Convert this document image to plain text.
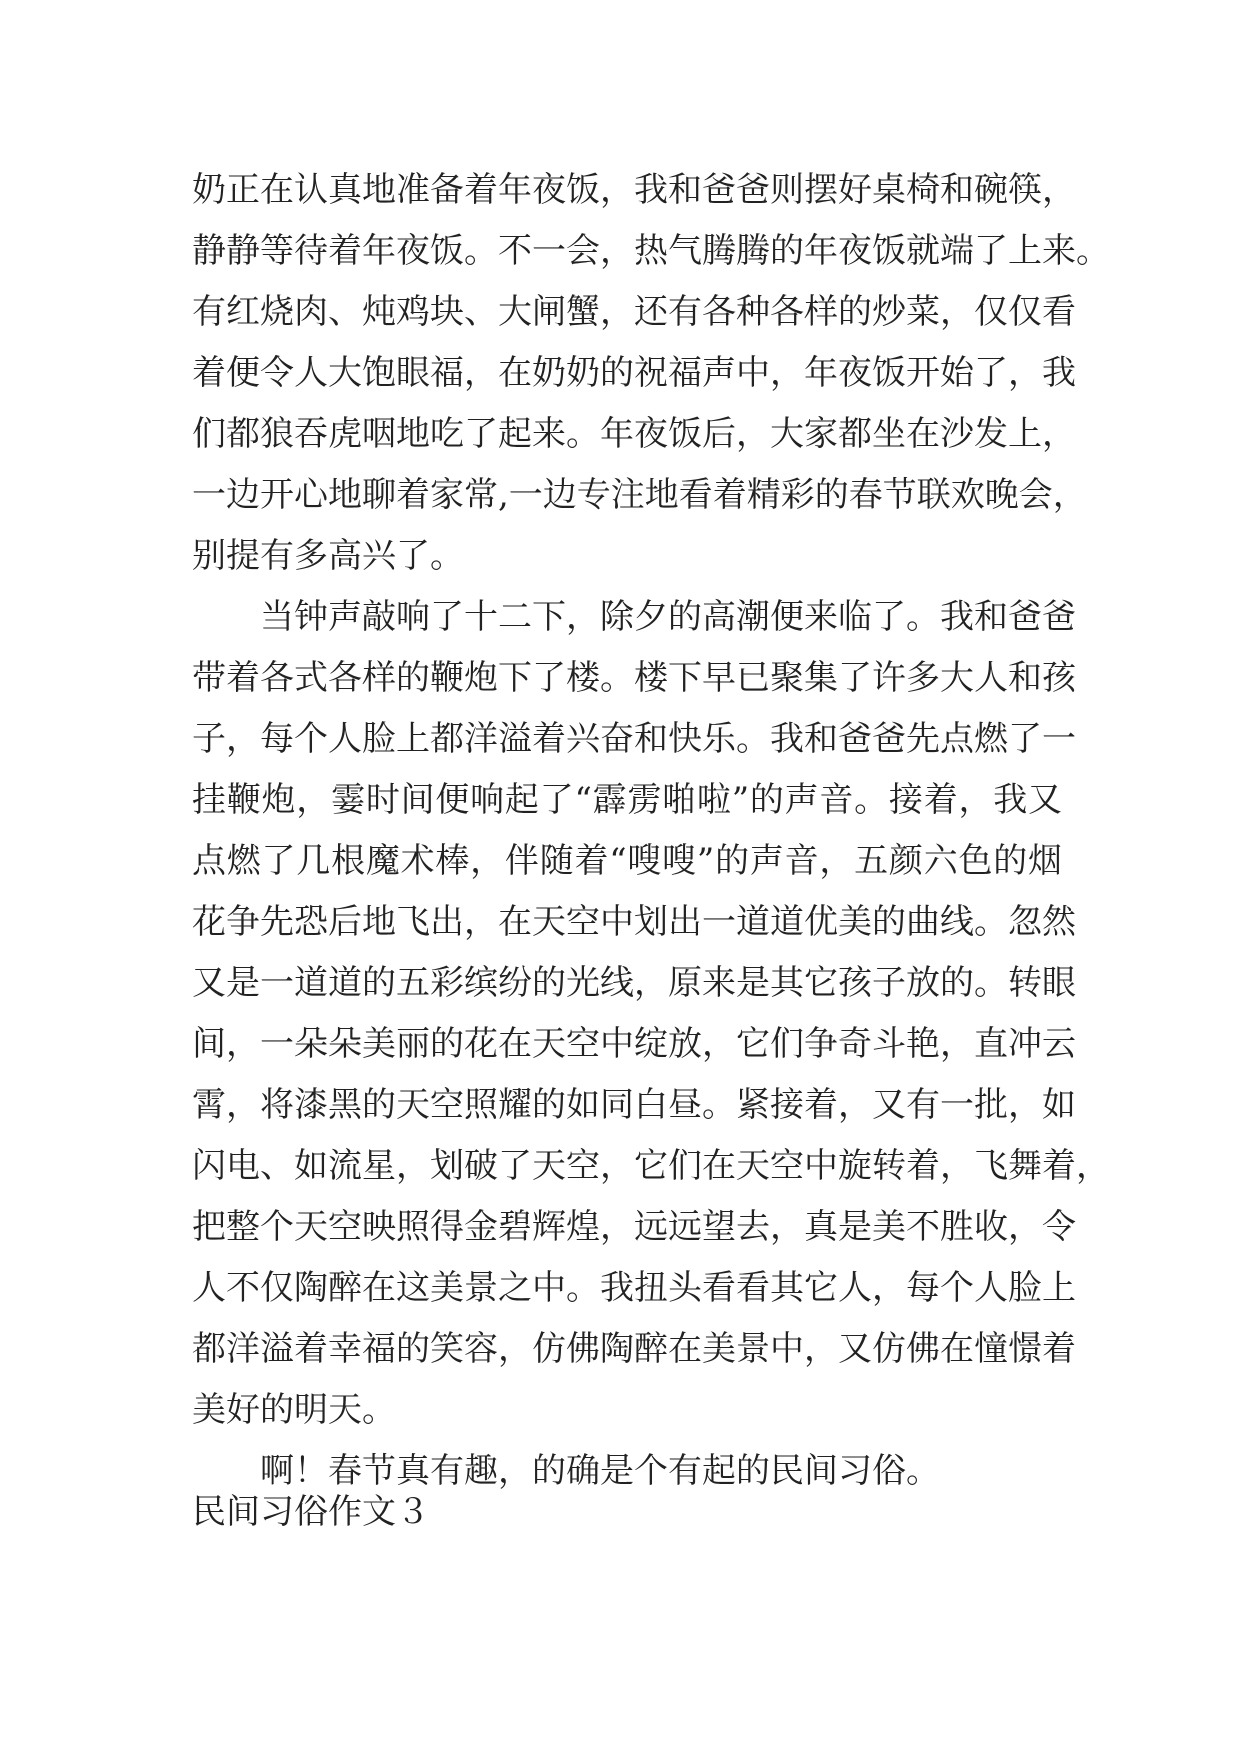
奶正在认真地准备着年夜饭，我和爸爸则摆好桌椅和碗筷，
静静等待着年夜饭。不一会，热气腾腾的年夜饭就端了上来。
有红烧肉、炖鸡块、大闸蟹，还有各种各样的炒菜，仅仅看
着便令人大饱眼福，在奶奶的祝福声中，年夜饭开始了，我
们都狼吞虎咽地吃了起来。年夜饭后，大家都坐在沙发上，
一边开心地聊着家常,一边专注地看着精彩的春节联欢晚会，
别提有多高兴了。
当钟声敲响了十二下，除夕的高潮便来临了。我和爸爸
带着各式各样的鞭炮下了楼。楼下早已聚集了许多大人和孩
子，每个人脸上都洋溢着兴奋和快乐。我和爸爸先点燃了一
挂鞭炮，霎时间便响起了“霹雳啪啦”的声音。接着，我又
点燃了几根魔术棒，伴随着“嗖嗖”的声音，五颜六色的烟
花争先恐后地飞出，在天空中划出一道道优美的曲线。忽然
又是一道道的五彩缤纷的光线，原来是其它孩子放的。转眼
间，一朵朵美丽的花在天空中绽放，它们争奇斗艳，直冲云
霄，将漆黑的天空照耀的如同白昼。紧接着，又有一批，如
闪电、如流星，划破了天空，它们在天空中旋转着，飞舞着，
把整个天空映照得金碧辉煌，远远望去，真是美不胜收，令
人不仅陶醉在这美景之中。我扭头看看其它人，每个人脸上
都洋溢着幸福的笑容，仿佛陶醉在美景中，又仿佛在憧憬着
美好的明天。
啊！春节真有趣，的确是个有起的民间习俗。
民间习俗作文３
